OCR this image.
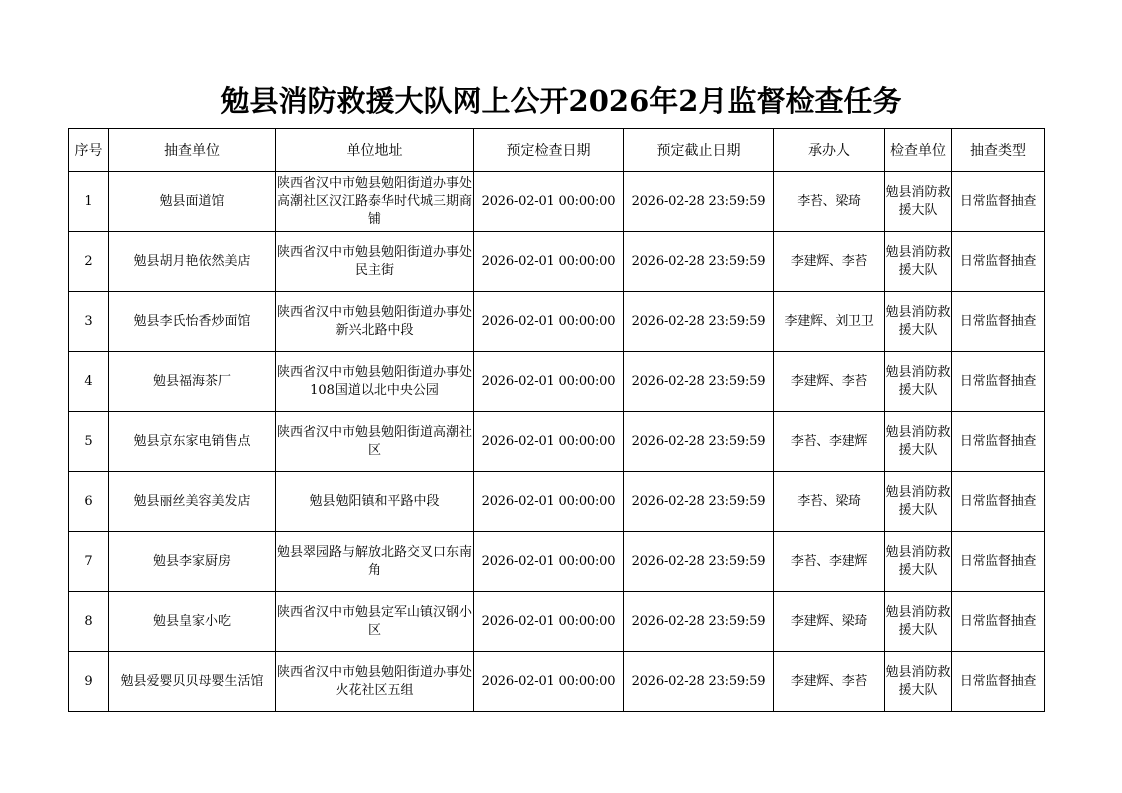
勉县消防救援大队网上公开2026年2月监督检查任务
序号	抽查单位	单位地址	预定检查日期	预定截止日期	承办人	检查单位	抽查类型
1	勉县面道馆	陕西省汉中市勉县勉阳街道办事处高潮社区汉江路泰华时代城三期商铺	2026-02-01 00:00:00	2026-02-28 23:59:59	李苔、梁琦	勉县消防救援大队	日常监督抽查
2	勉县胡月艳依然美店	陕西省汉中市勉县勉阳街道办事处民主街	2026-02-01 00:00:00	2026-02-28 23:59:59	李建辉、李苔	勉县消防救援大队	日常监督抽查
3	勉县李氏怡香炒面馆	陕西省汉中市勉县勉阳街道办事处新兴北路中段	2026-02-01 00:00:00	2026-02-28 23:59:59	李建辉、刘卫卫	勉县消防救援大队	日常监督抽查
4	勉县福海茶厂	陕西省汉中市勉县勉阳街道办事处108国道以北中央公园	2026-02-01 00:00:00	2026-02-28 23:59:59	李建辉、李苔	勉县消防救援大队	日常监督抽查
5	勉县京东家电销售点	陕西省汉中市勉县勉阳街道高潮社区	2026-02-01 00:00:00	2026-02-28 23:59:59	李苔、李建辉	勉县消防救援大队	日常监督抽查
6	勉县丽丝美容美发店	勉县勉阳镇和平路中段	2026-02-01 00:00:00	2026-02-28 23:59:59	李苔、梁琦	勉县消防救援大队	日常监督抽查
7	勉县李家厨房	勉县翠园路与解放北路交叉口东南角	2026-02-01 00:00:00	2026-02-28 23:59:59	李苔、李建辉	勉县消防救援大队	日常监督抽查
8	勉县皇家小吃	陕西省汉中市勉县定军山镇汉钢小区	2026-02-01 00:00:00	2026-02-28 23:59:59	李建辉、梁琦	勉县消防救援大队	日常监督抽查
9	勉县爱婴贝贝母婴生活馆	陕西省汉中市勉县勉阳街道办事处火花社区五组	2026-02-01 00:00:00	2026-02-28 23:59:59	李建辉、李苔	勉县消防救援大队	日常监督抽查
